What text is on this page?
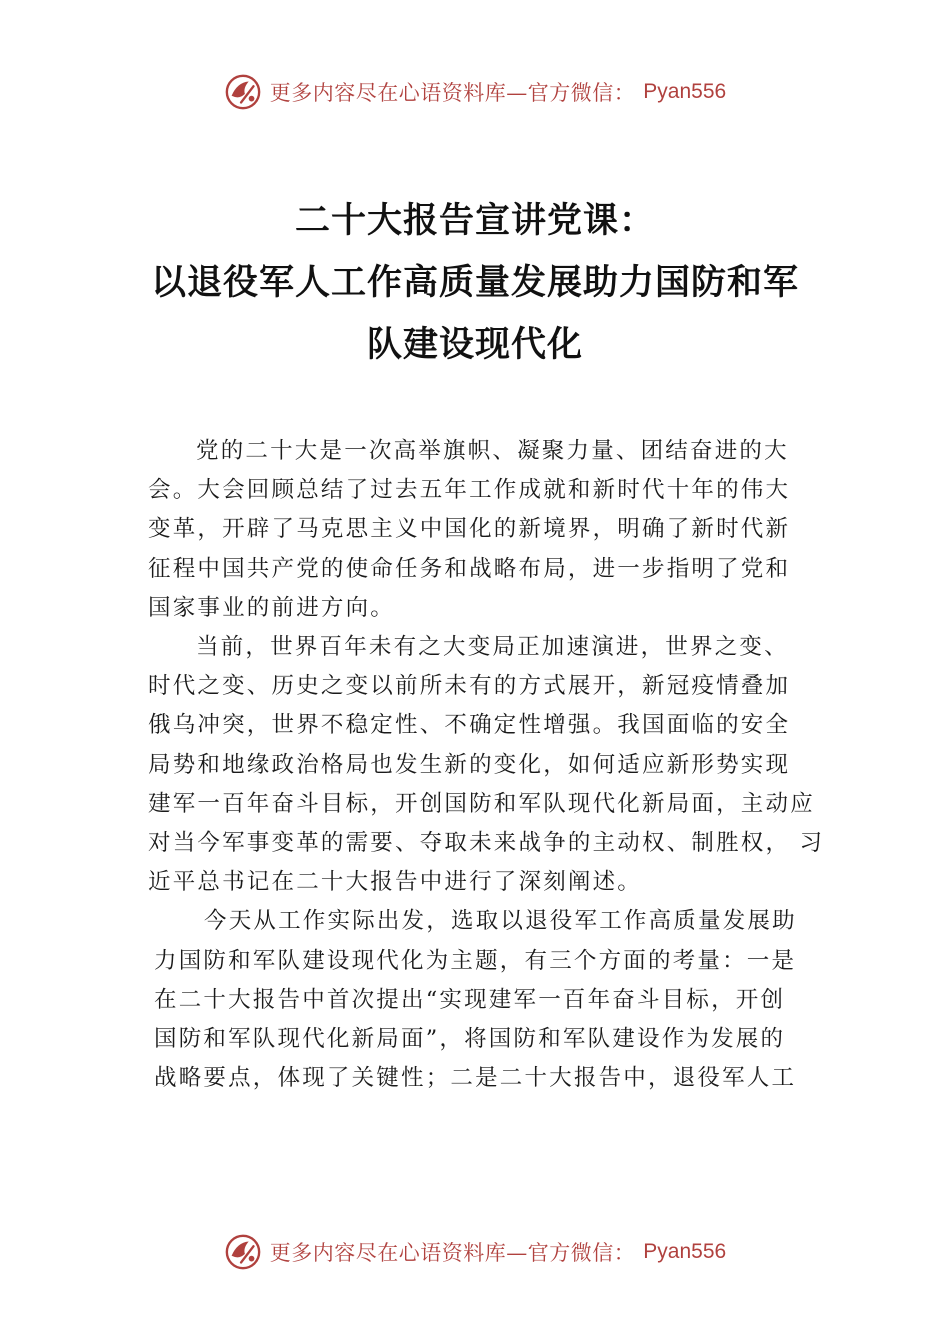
更多内容尽在心语资料库—官方微信： Pyan556
二十大报告宣讲党课：
以退役军人工作高质量发展助力国防和军
队建设现代化
党的二十大是一次高举旗帜、凝聚力量、团结奋进的大
会。大会回顾总结了过去五年工作成就和新时代十年的伟大
变革，开辟了马克思主义中国化的新境界，明确了新时代新
征程中国共产党的使命任务和战略布局，进一步指明了党和
国家事业的前进方向。
当前，世界百年未有之大变局正加速演进，世界之变、
时代之变、历史之变以前所未有的方式展开，新冠疫情叠加
俄乌冲突，世界不稳定性、不确定性增强。我国面临的安全
局势和地缘政治格局也发生新的变化，如何适应新形势实现
建军一百年奋斗目标，开创国防和军队现代化新局面，主动应
对当今军事变革的需要、夺取未来战争的主动权、制胜权， 习
近平总书记在二十大报告中进行了深刻阐述。
今天从工作实际出发，选取以退役军工作高质量发展助
力国防和军队建设现代化为主题，有三个方面的考量：一是
在二十大报告中首次提出“实现建军一百年奋斗目标，开创
国防和军队现代化新局面”，将国防和军队建设作为发展的
战略要点，体现了关键性；二是二十大报告中，退役军人工
更多内容尽在心语资料库—官方微信： Pyan556
